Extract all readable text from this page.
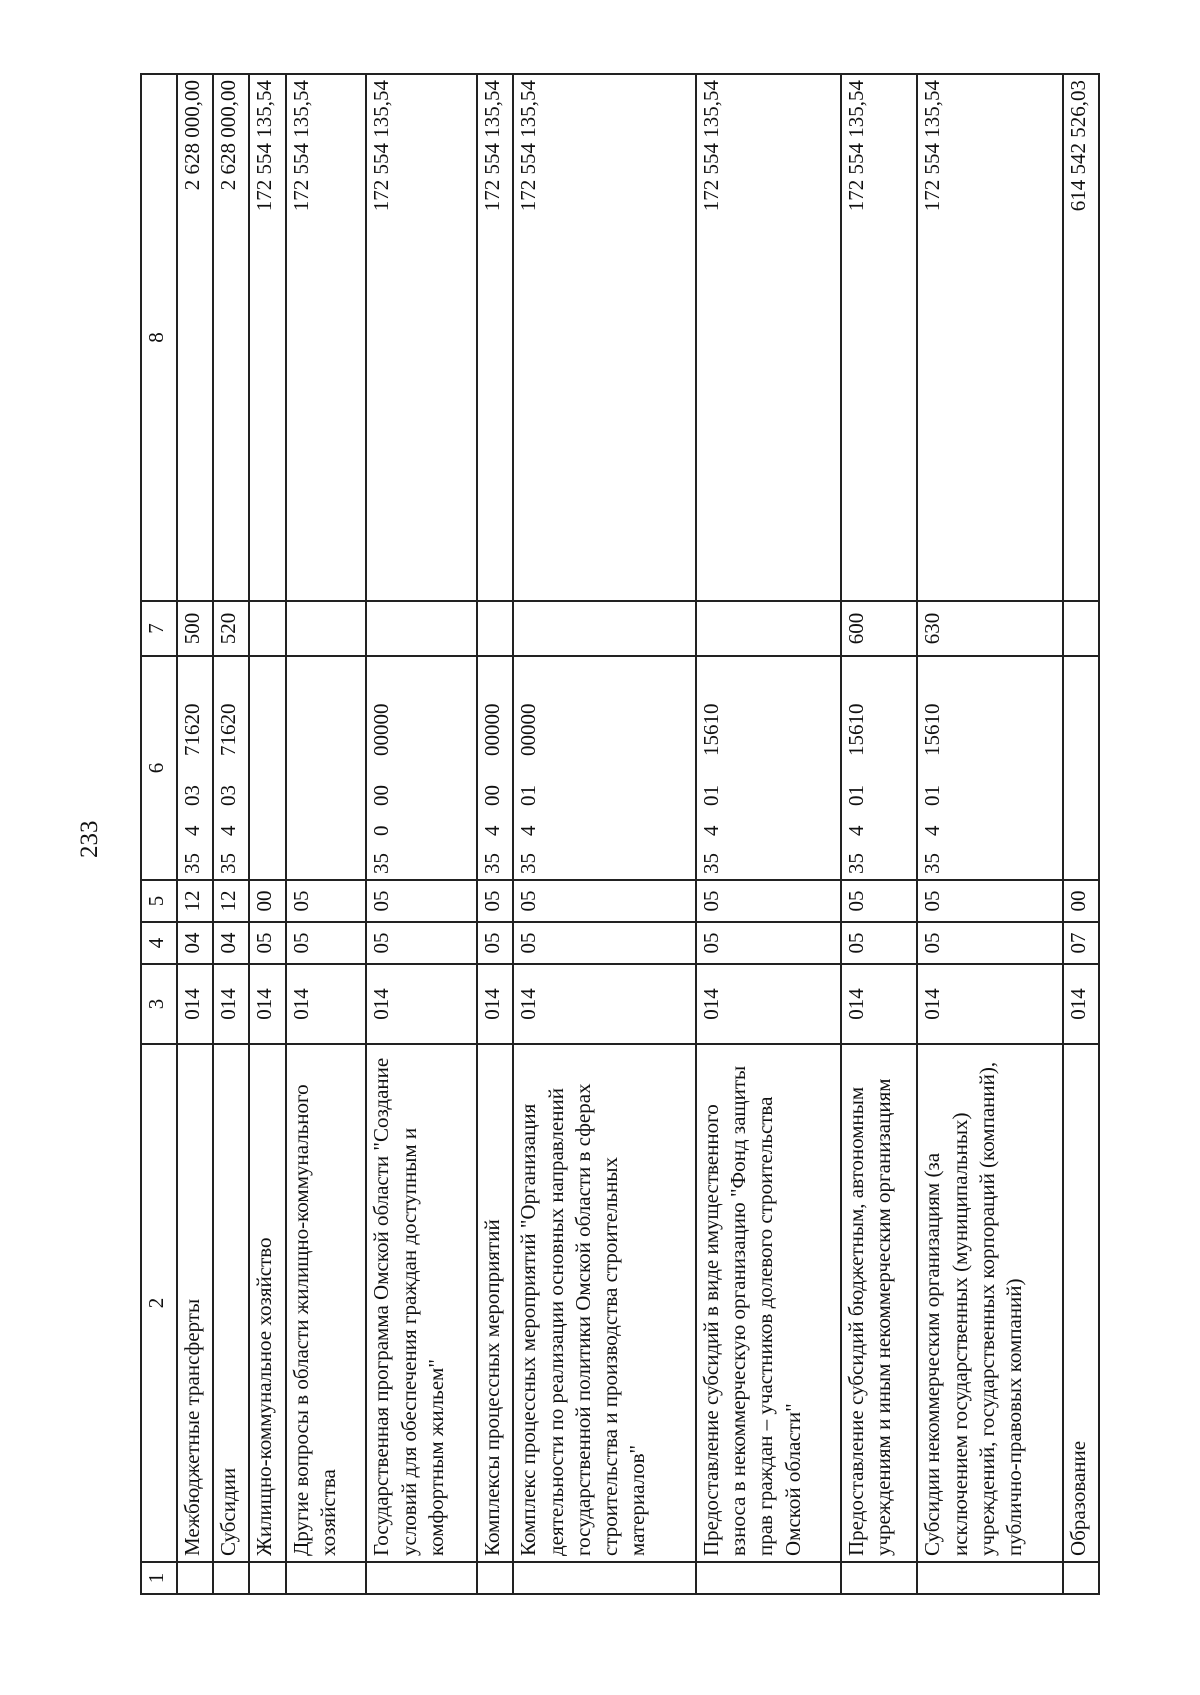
233
1	2	3	4	5	6	7	8
	Межбюджетные трансферты	014	04	12	3540371620	500	2 628 000,00
	Субсидии	014	04	12	3540371620	520	2 628 000,00
	Жилищно-коммунальное хозяйство	014	05	00			172 554 135,54
	Другие вопросы в области жилищно-коммунального хозяйства	014	05	05			172 554 135,54
	Государственная программа Омской области "Создание условий для обеспечения граждан доступным и комфортным жильем"	014	05	05	3500000000		172 554 135,54
	Комплексы процессных мероприятий	014	05	05	3540000000		172 554 135,54
	Комплекс процессных мероприятий "Организация деятельности по реализации основных направлений государственной политики Омской области в сферах строительства и производства строительных материалов"	014	05	05	3540100000		172 554 135,54
	Предоставление субсидий в виде имущественного взноса в некоммерческую организацию "Фонд защиты прав граждан – участников долевого строительства Омской области"	014	05	05	3540115610		172 554 135,54
	Предоставление субсидий бюджетным, автономным учреждениям и иным некоммерческим организациям	014	05	05	3540115610	600	172 554 135,54
	Субсидии некоммерческим организациям (за исключением государственных (муниципальных) учреждений, государственных корпораций (компаний), публично-правовых компаний)	014	05	05	3540115610	630	172 554 135,54
	Образование	014	07	00			614 542 526,03
